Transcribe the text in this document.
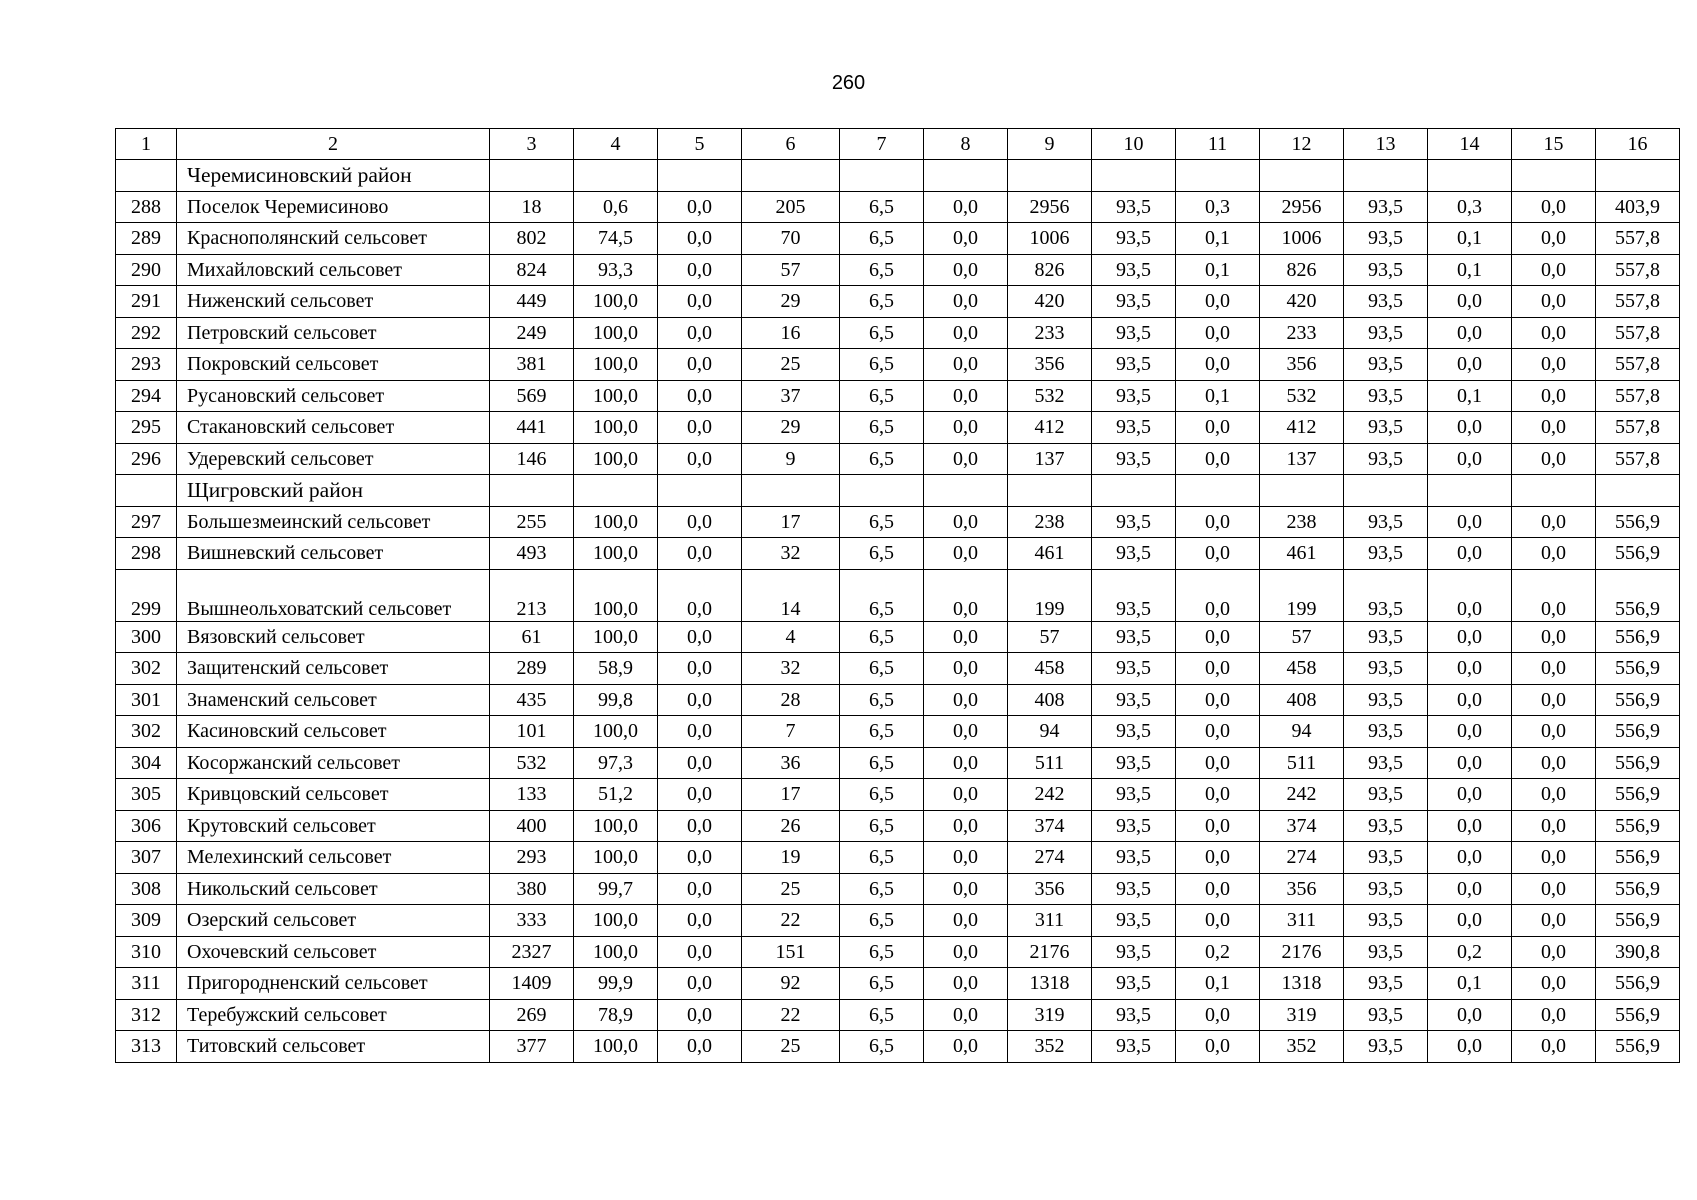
260
1	2	3	4	5	6	7	8	9	10	11	12	13	14	15	16
	Черемисиновский район														
288	Поселок Черемисиново	18	0,6	0,0	205	6,5	0,0	2956	93,5	0,3	2956	93,5	0,3	0,0	403,9
289	Краснополянский сельсовет	802	74,5	0,0	70	6,5	0,0	1006	93,5	0,1	1006	93,5	0,1	0,0	557,8
290	Михайловский сельсовет	824	93,3	0,0	57	6,5	0,0	826	93,5	0,1	826	93,5	0,1	0,0	557,8
291	Ниженский сельсовет	449	100,0	0,0	29	6,5	0,0	420	93,5	0,0	420	93,5	0,0	0,0	557,8
292	Петровский сельсовет	249	100,0	0,0	16	6,5	0,0	233	93,5	0,0	233	93,5	0,0	0,0	557,8
293	Покровский сельсовет	381	100,0	0,0	25	6,5	0,0	356	93,5	0,0	356	93,5	0,0	0,0	557,8
294	Русановский сельсовет	569	100,0	0,0	37	6,5	0,0	532	93,5	0,1	532	93,5	0,1	0,0	557,8
295	Стакановский сельсовет	441	100,0	0,0	29	6,5	0,0	412	93,5	0,0	412	93,5	0,0	0,0	557,8
296	Удеревский сельсовет	146	100,0	0,0	9	6,5	0,0	137	93,5	0,0	137	93,5	0,0	0,0	557,8
	Щигровский район														
297	Большезмеинский сельсовет	255	100,0	0,0	17	6,5	0,0	238	93,5	0,0	238	93,5	0,0	0,0	556,9
298	Вишневский сельсовет	493	100,0	0,0	32	6,5	0,0	461	93,5	0,0	461	93,5	0,0	0,0	556,9
299	Вышнеольховатский сельсовет	213	100,0	0,0	14	6,5	0,0	199	93,5	0,0	199	93,5	0,0	0,0	556,9
300	Вязовский сельсовет	61	100,0	0,0	4	6,5	0,0	57	93,5	0,0	57	93,5	0,0	0,0	556,9
302	Защитенский сельсовет	289	58,9	0,0	32	6,5	0,0	458	93,5	0,0	458	93,5	0,0	0,0	556,9
301	Знаменский сельсовет	435	99,8	0,0	28	6,5	0,0	408	93,5	0,0	408	93,5	0,0	0,0	556,9
302	Касиновский сельсовет	101	100,0	0,0	7	6,5	0,0	94	93,5	0,0	94	93,5	0,0	0,0	556,9
304	Косоржанский сельсовет	532	97,3	0,0	36	6,5	0,0	511	93,5	0,0	511	93,5	0,0	0,0	556,9
305	Кривцовский сельсовет	133	51,2	0,0	17	6,5	0,0	242	93,5	0,0	242	93,5	0,0	0,0	556,9
306	Крутовский сельсовет	400	100,0	0,0	26	6,5	0,0	374	93,5	0,0	374	93,5	0,0	0,0	556,9
307	Мелехинский сельсовет	293	100,0	0,0	19	6,5	0,0	274	93,5	0,0	274	93,5	0,0	0,0	556,9
308	Никольский сельсовет	380	99,7	0,0	25	6,5	0,0	356	93,5	0,0	356	93,5	0,0	0,0	556,9
309	Озерский сельсовет	333	100,0	0,0	22	6,5	0,0	311	93,5	0,0	311	93,5	0,0	0,0	556,9
310	Охочевский сельсовет	2327	100,0	0,0	151	6,5	0,0	2176	93,5	0,2	2176	93,5	0,2	0,0	390,8
311	Пригородненский сельсовет	1409	99,9	0,0	92	6,5	0,0	1318	93,5	0,1	1318	93,5	0,1	0,0	556,9
312	Теребужский сельсовет	269	78,9	0,0	22	6,5	0,0	319	93,5	0,0	319	93,5	0,0	0,0	556,9
313	Титовский сельсовет	377	100,0	0,0	25	6,5	0,0	352	93,5	0,0	352	93,5	0,0	0,0	556,9
